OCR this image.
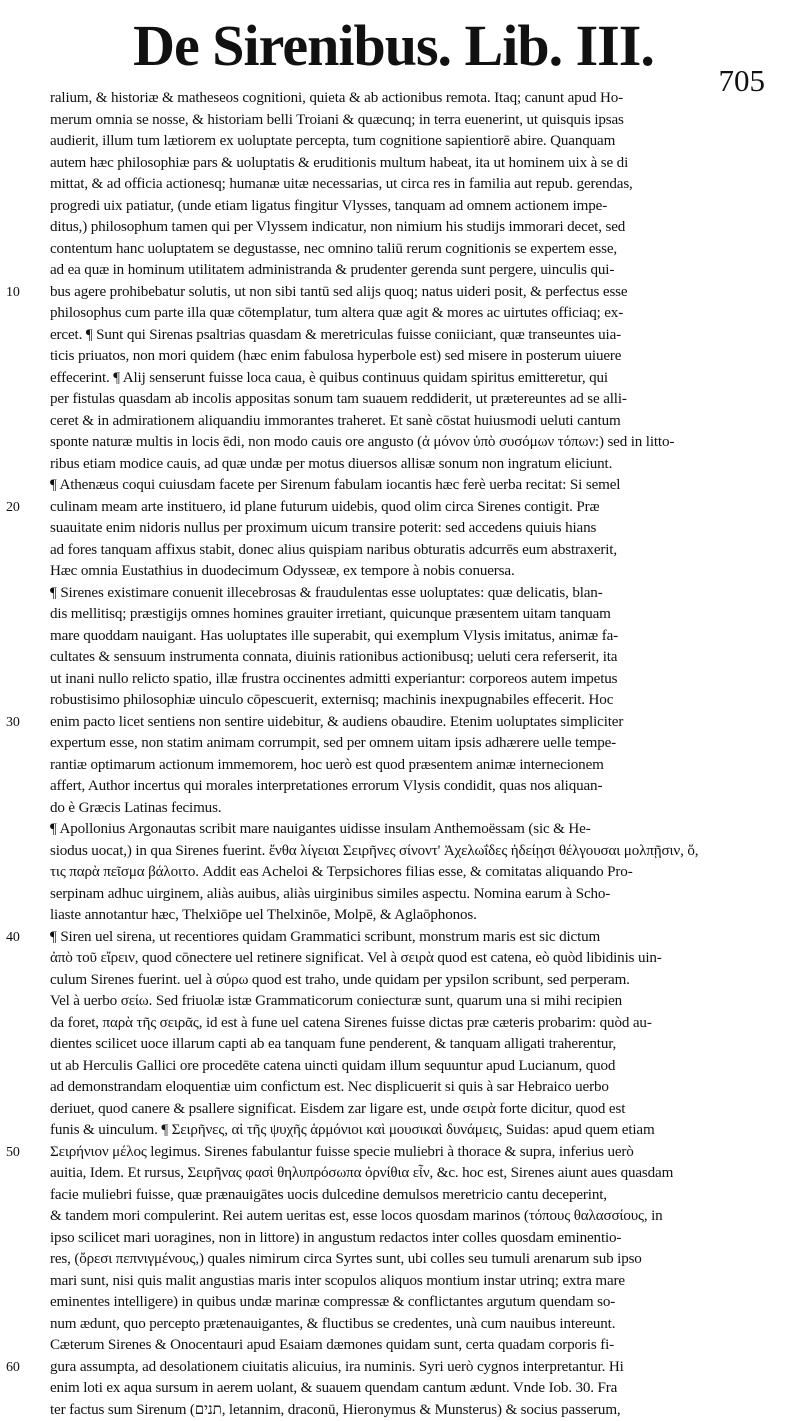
De Sirenibus. Lib. III.
705

ralium, & historiæ & matheseos cognitioni, quieta & ab actionibus remota. Itaq; canunt apud Ho-

merum omnia se nosse, & historiam belli Troiani & quæcunq; in terra euenerint, ut quisquis ipsas

audierit, illum tum lætiorem ex uoluptate percepta, tum cognitione sapientiorē abire. Quanquam

autem hæc philosophiæ pars & uoluptatis & eruditionis multum habeat, ita ut hominem uix à se di

mittat, & ad officia actionesq; humanæ uitæ necessarias, ut circa res in familia aut repub. gerendas,

progredi uix patiatur, (unde etiam ligatus fingitur Vlysses, tanquam ad omnem actionem impe-

ditus,) philosophum tamen qui per Vlyssem indicatur, non nimium his studijs immorari decet, sed

contentum hanc uoluptatem se degustasse, nec omnino taliū rerum cognitionis se expertem esse,

ad ea quæ in hominum utilitatem administranda & prudenter gerenda sunt pergere, uinculis qui-

10	bus agere prohibebatur solutis, ut non sibi tantū sed alijs quoq; natus uideri posit, & perfectus esse

philosophus cum parte illa quæ cōtemplatur, tum altera quæ agit & mores ac uirtutes officiaq; ex-

ercet. ¶ Sunt qui Sirenas psaltrias quasdam & meretriculas fuisse coniiciant, quæ transeuntes uia-

ticis priuatos, non mori quidem (hæc enim fabulosa hyperbole est) sed misere in posterum uiuere

effecerint. ¶ Alij senserunt fuisse loca caua, è quibus continuus quidam spiritus emitteretur, qui

per fistulas quasdam ab incolis appositas sonum tam suauem reddiderit, ut prætereuntes ad se alli-

ceret & in admirationem aliquandiu immorantes traheret. Et sanè cōstat huiusmodi ueluti cantum

sponte naturæ multis in locis ēdi, non modo cauis ore angusto (ἀ μόνον ὑπὸ συσόμων τόπων:) sed in litto-

ribus etiam modice cauis, ad quæ undæ per motus diuersos allisæ sonum non ingratum eliciunt.

¶ Athenæus coqui cuiusdam facete per Sirenum fabulam iocantis hæc ferè uerba recitat: Si semel

20	culinam meam arte instituero, id plane futurum uidebis, quod olim circa Sirenes contigit. Præ

suauitate enim nidoris nullus per proximum uicum transire poterit: sed accedens quiuis hians

ad fores tanquam affixus stabit, donec alius quispiam naribus obturatis adcurrēs eum abstraxerit,

Hæc omnia Eustathius in duodecimum Odysseæ, ex tempore à nobis conuersa.

¶ Sirenes existimare conuenit illecebrosas & fraudulentas esse uoluptates: quæ delicatis, blan-

dis mellitisq; præstigijs omnes homines grauiter irretiant, quicunque præsentem uitam tanquam

mare quoddam nauigant. Has uoluptates ille superabit, qui exemplum Vlysis imitatus, animæ fa-

cultates & sensuum instrumenta connata, diuinis rationibus actionibusq; ueluti cera referserit, ita

ut inani nullo relicto spatio, illæ frustra occinentes admitti experiantur: corporeos autem impetus

robustisimo philosophiæ uinculo cōpescuerit, externisq; machinis inexpugnabiles effecerit. Hoc

30	enim pacto licet sentiens non sentire uidebitur, & audiens obaudire. Etenim uoluptates simpliciter

expertum esse, non statim animam corrumpit, sed per omnem uitam ipsis adhærere uelle tempe-

rantiæ optimarum actionum immemorem, hoc uerò est quod præsentem animæ internecionem

affert, Author incertus qui morales interpretationes errorum Vlysis condidit, quas nos aliquan-

do è Græcis Latinas fecimus.

¶ Apollonius Argonautas scribit mare nauigantes uidisse insulam Anthemoëssam (sic & He-

siodus uocat,) in qua Sirenes fuerint. ἔνθα λίγειαι Σειρῆνες σίνοντ' Ἀχελωΐδες ἡδείῃσι θέλγουσαι μολπῇσιν, ὅ,

τις παρὰ πεῖσμα βάλοιτο. Addit eas Acheloi & Terpsichores filias esse, & comitatas aliquando Pro-

serpinam adhuc uirginem, aliàs auibus, aliàs uirginibus similes aspectu. Nomina earum à Scho-

liaste annotantur hæc, Thelxiōpe uel Thelxinōe, Molpē, & Aglaōphonos.

40	¶ Siren uel sirena, ut recentiores quidam Grammatici scribunt, monstrum maris est sic dictum

ἀπὸ τοῦ εἴρειν, quod cōnectere uel retinere significat. Vel à σειρὰ quod est catena, eò quòd libidinis uin-

culum Sirenes fuerint. uel à σύρω quod est traho, unde quidam per ypsilon scribunt, sed perperam.

Vel à uerbo σείω. Sed friuolæ istæ Grammaticorum coniecturæ sunt, quarum una si mihi recipien

da foret, παρὰ τῆς σειρᾶς, id est à fune uel catena Sirenes fuisse dictas præ cæteris probarim: quòd au-

dientes scilicet uoce illarum capti ab ea tanquam fune penderent, & tanquam alligati traherentur,

ut ab Herculis Gallici ore procedēte catena uincti quidam illum sequuntur apud Lucianum, quod

ad demonstrandam eloquentiæ uim confictum est. Nec displicuerit si quis à sar Hebraico uerbo

deriuet, quod canere & psallere significat. Eisdem zar ligare est, unde σειρὰ forte dicitur, quod est

funis & uinculum. ¶ Σειρῆνες, αἱ τῆς ψυχῆς ἁρμόνιοι καὶ μουσικαὶ δυνάμεις, Suidas: apud quem etiam

50	Σειρήνιον μέλος legimus. Sirenes fabulantur fuisse specie muliebri à thorace & supra, inferius uerò

auitia, Idem. Et rursus, Σειρῆνας φασὶ θηλυπρόσωπα ὀρνίθια εἶν, &c. hoc est, Sirenes aiunt aues quasdam

facie muliebri fuisse, quæ prænauigātes uocis dulcedine demulsos meretricio cantu deceperint,

& tandem mori compulerint. Rei autem ueritas est, esse locos quosdam marinos (τόπους θαλασσίους, in

ipso scilicet mari uoragines, non in littore) in angustum redactos inter colles quosdam eminentio-

res, (ὄρεσι πεπνιγμένους,) quales nimirum circa Syrtes sunt, ubi colles seu tumuli arenarum sub ipso

mari sunt, nisi quis malit angustias maris inter scopulos aliquos montium instar utrinq; extra mare

eminentes intelligere) in quibus undæ marinæ compressæ & conflictantes argutum quendam so-

num ædunt, quo percepto prætenauigantes, & fluctibus se credentes, unà cum nauibus intereunt.

Cæterum Sirenes & Onocentauri apud Esaiam dæmones quidam sunt, certa quadam corporis fi-

60	gura assumpta, ad desolationem ciuitatis alicuius, ira numinis. Syri uerò cygnos interpretantur. Hi

enim loti ex aqua sursum in aerem uolant, & suauem quendam cantum ædunt. Vnde Iob. 30. Fra

ter factus sum Sirenum (תנים, letannim, draconū, Hieronymus & Munsterus) & socius passerum,
